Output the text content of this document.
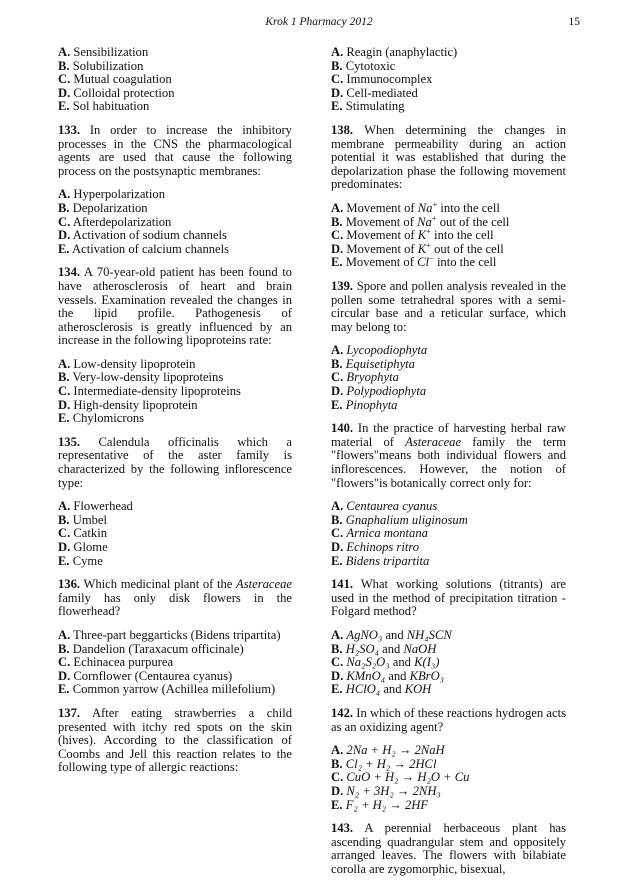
Krok 1 Pharmacy 2012	15
A. Sensibilization
B. Solubilization
C. Mutual coagulation
D. Colloidal protection
E. Sol habituation
133. In order to increase the inhibitory processes in the CNS the pharmacological agents are used that cause the following process on the postsynaptic membranes:
A. Hyperpolarization
B. Depolarization
C. Afterdepolarization
D. Activation of sodium channels
E. Activation of calcium channels
134. A 70-year-old patient has been found to have atherosclerosis of heart and brain vessels. Examination revealed the changes in the lipid profile. Pathogenesis of atherosclerosis is greatly influenced by an increase in the following lipoproteins rate:
A. Low-density lipoprotein
B. Very-low-density lipoproteins
C. Intermediate-density lipoproteins
D. High-density lipoprotein
E. Chylomicrons
135. Calendula officinalis which a representative of the aster family is characterized by the following inflorescence type:
A. Flowerhead
B. Umbel
C. Catkin
D. Glome
E. Cyme
136. Which medicinal plant of the Asteraceae family has only disk flowers in the flowerhead?
A. Three-part beggarticks (Bidens tripartita)
B. Dandelion (Taraxacum officinale)
C. Echinacea purpurea
D. Cornflower (Centaurea cyanus)
E. Common yarrow (Achillea millefolium)
137. After eating strawberries a child presented with itchy red spots on the skin (hives). According to the classification of Coombs and Jell this reaction relates to the following type of allergic reactions:
A. Reagin (anaphylactic)
B. Cytotoxic
C. Immunocomplex
D. Cell-mediated
E. Stimulating
138. When determining the changes in membrane permeability during an action potential it was established that during the depolarization phase the following movement predominates:
A. Movement of Na+ into the cell
B. Movement of Na+ out of the cell
C. Movement of K+ into the cell
D. Movement of K+ out of the cell
E. Movement of Cl− into the cell
139. Spore and pollen analysis revealed in the pollen some tetrahedral spores with a semi-circular base and a reticular surface, which may belong to:
A. Lycopodiophyta
B. Equisetiphyta
C. Bryophyta
D. Polypodiophyta
E. Pinophyta
140. In the practice of harvesting herbal raw material of Asteraceae family the term "flowers"means both individual flowers and inflorescences. However, the notion of "flowers"is botanically correct only for:
A. Centaurea cyanus
B. Gnaphalium uliginosum
C. Arnica montana
D. Echinops ritro
E. Bidens tripartita
141. What working solutions (titrants) are used in the method of precipitation titration - Folgard method?
A. AgNO₃ and NH₄SCN
B. H₂SO₄ and NaOH
C. Na₂S₂O₃ and K(I₃)
D. KMnO₄ and KBrO₃
E. HClO₄ and KOH
142. In which of these reactions hydrogen acts as an oxidizing agent?
A. 2Na + H₂ → 2NaH
B. Cl₂ + H₂ → 2HCl
C. CuO + H₂ → H₂O + Cu
D. N₂ + 3H₂ → 2NH₃
E. F₂ + H₂ → 2HF
143. A perennial herbaceous plant has ascending quadrangular stem and oppositely arranged leaves. The flowers with bilabiate corolla are zygomorphic, bisexual,
